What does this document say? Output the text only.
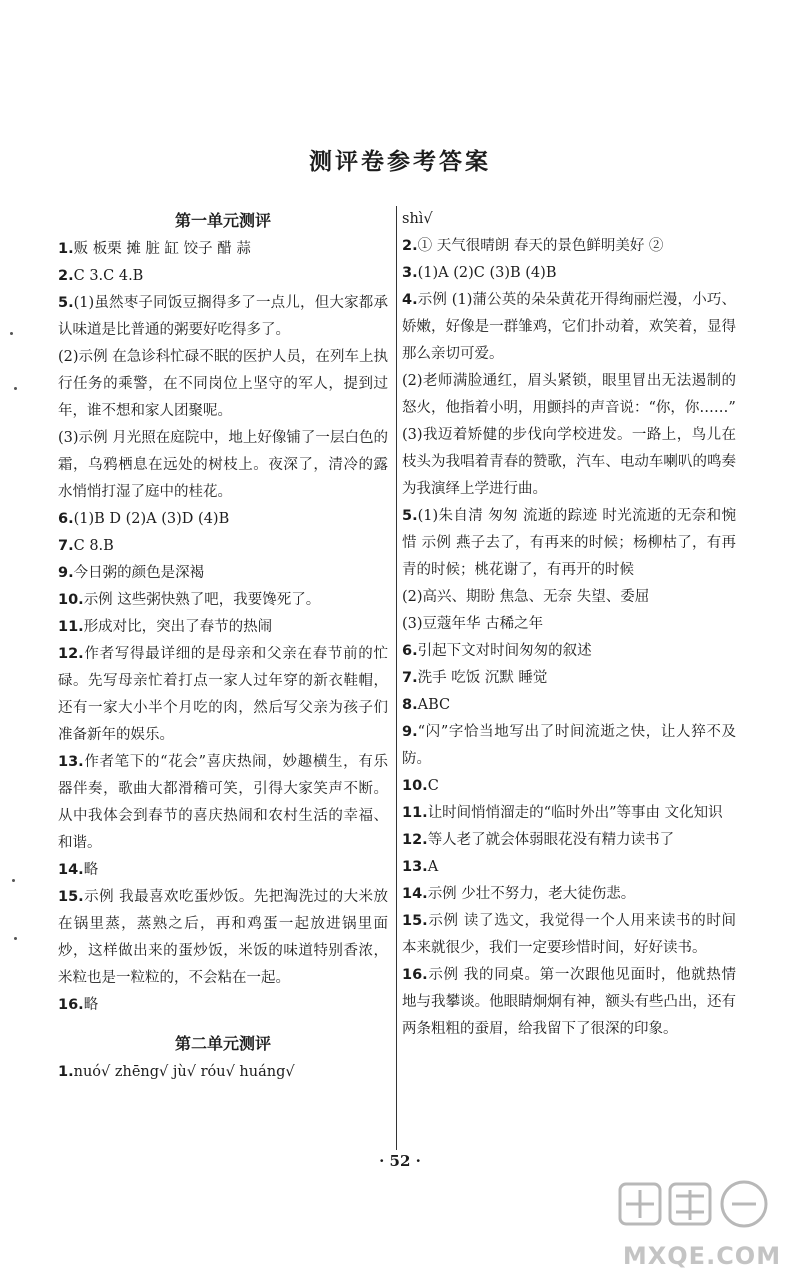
测评卷参考答案
第一单元测评
1.贩 板栗 摊 脏 缸 饺子 醋 蒜
2.C 3.C 4.B
5.(1)虽然枣子同饭豆搁得多了一点儿，但大家都承认味道是比普通的粥要好吃得多了。
(2)示例 在急诊科忙碌不眠的医护人员，在列车上执行任务的乘警，在不同岗位上坚守的军人，提到过年，谁不想和家人团聚呢。
(3)示例 月光照在庭院中，地上好像铺了一层白色的霜，乌鸦栖息在远处的树枝上。夜深了，清冷的露水悄悄打湿了庭中的桂花。
6.(1)B D (2)A (3)D (4)B
7.C 8.B
9.今日粥的颜色是深褐
10.示例 这些粥快熟了吧，我要馋死了。
11.形成对比，突出了春节的热闹
12.作者写得最详细的是母亲和父亲在春节前的忙碌。先写母亲忙着打点一家人过年穿的新衣鞋帽，还有一家大小半个月吃的肉，然后写父亲为孩子们准备新年的娱乐。
13.作者笔下的“花会”喜庆热闹，妙趣横生，有乐器伴奏，歌曲大都滑稽可笑，引得大家笑声不断。从中我体会到春节的喜庆热闹和农村生活的幸福、和谐。
14.略
15.示例 我最喜欢吃蛋炒饭。先把淘洗过的大米放在锅里蒸，蒸熟之后，再和鸡蛋一起放进锅里面炒，这样做出来的蛋炒饭，米饭的味道特别香浓，米粒也是一粒粒的，不会粘在一起。
16.略
第二单元测评
1.nuó√ zhēng√ jù√ róu√ huáng√
shì√
2.① 天气很晴朗 春天的景色鲜明美好 ②
3.(1)A (2)C (3)B (4)B
4.示例 (1)蒲公英的朵朵黄花开得绚丽烂漫，小巧、娇嫩，好像是一群雏鸡，它们扑动着，欢笑着，显得那么亲切可爱。
(2)老师满脸通红，眉头紧锁，眼里冒出无法遏制的怒火，他指着小明，用颤抖的声音说：“你，你……”
(3)我迈着矫健的步伐向学校进发。一路上，鸟儿在枝头为我唱着青春的赞歌，汽车、电动车喇叭的鸣奏为我演绎上学进行曲。
5.(1)朱自清 匆匆 流逝的踪迹 时光流逝的无奈和惋惜 示例 燕子去了，有再来的时候；杨柳枯了，有再青的时候；桃花谢了，有再开的时候
(2)高兴、期盼 焦急、无奈 失望、委屈
(3)豆蔻年华 古稀之年
6.引起下文对时间匆匆的叙述
7.洗手 吃饭 沉默 睡觉
8.ABC
9.“闪”字恰当地写出了时间流逝之快，让人猝不及防。
10.C
11.让时间悄悄溜走的“临时外出”等事由 文化知识
12.等人老了就会体弱眼花没有精力读书了
13.A
14.示例 少壮不努力，老大徒伤悲。
15.示例 读了选文，我觉得一个人用来读书的时间本来就很少，我们一定要珍惜时间，好好读书。
16.示例 我的同桌。第一次跟他见面时，他就热情地与我攀谈。他眼睛炯炯有神，额头有些凸出，还有两条粗粗的蚕眉，给我留下了很深的印象。
· 52 ·
MXQE.COM
